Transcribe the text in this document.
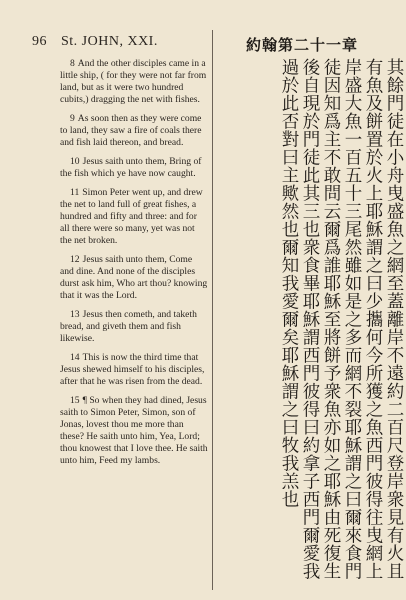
96 St. JOHN, XXI.	約翰第二十一章

8 And the other disciples came in a little ship, ( for they were not far from land, but as it were two hundred cubits,) dragging the net with fishes.

9 As soon then as they were come to land, they saw a fire of coals there and fish laid thereon, and bread.

10 Jesus saith unto them, Bring of the fish which ye have now caught.

11 Simon Peter went up, and drew the net to land full of great fishes, a hundred and fifty and three: and for all there were so many, yet was not the net broken.

12 Jesus saith unto them, Come and dine. And none of the disciples durst ask him, Who art thou? knowing that it was the Lord.

13 Jesus then cometh, and taketh bread, and giveth them and fish likewise.

14 This is now the third time that Jesus shewed himself to his disciples, after that he was risen from the dead.

15 ¶ So when they had dined, Jesus saith to Simon Peter, Simon, son of Jonas, lovest thou me more than these? He saith unto him, Yea, Lord; thou knowest that I love thee. He saith unto him, Feed my lambs.	其餘門徒在小舟曳盛魚之網至蓋離岸不遠約二百尺登岸衆見有火且有魚及餅置於火上耶穌謂之曰少攜何今所獲之魚西門彼得往曳網上岸盛大魚一百五十三尾然雖如是之多而網不裂耶穌謂之曰爾來食門徒因知爲主不敢問云爾爲誰耶穌至將餅予衆魚亦如之耶穌由死復生後自現於門徒此其三也衆食畢耶穌謂西門彼得曰約拿子西門爾愛我過於此否對曰主歟然也爾知我愛爾矣耶穌謂之曰牧我羔也
